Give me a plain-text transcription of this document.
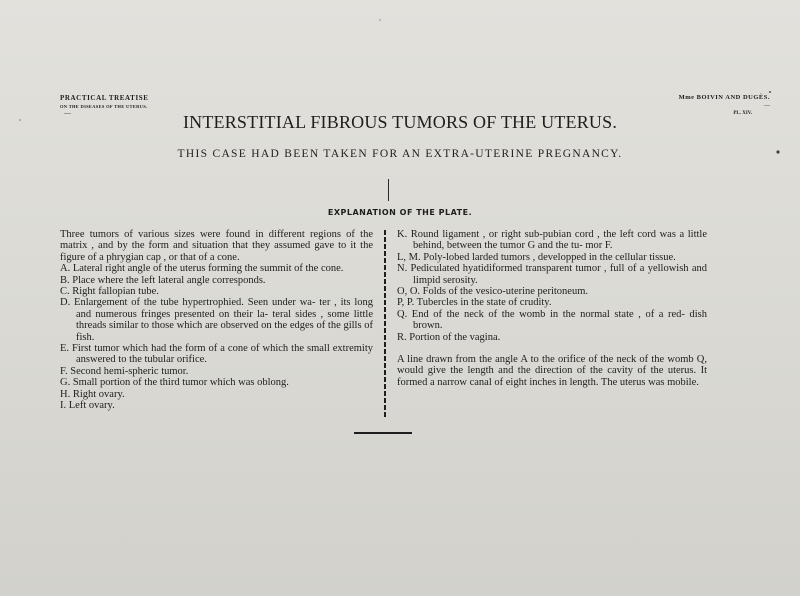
PRACTICAL TREATISE
ON THE DISEASES OF THE UTERUS.
—
Mme BOIVIN AND DUGÈS.
—
PL. XIV.
INTERSTITIAL FIBROUS TUMORS OF THE UTERUS.
THIS CASE HAD BEEN TAKEN FOR AN EXTRA-UTERINE PREGNANCY.
EXPLANATION OF THE PLATE.
Three tumors of various sizes were found in different regions of the matrix , and by the form and situation that they assumed gave to it the figure of a phrygian cap , or that of a cone.
A. Lateral right angle of the uterus forming the summit of the cone.
B. Place where the left lateral angle corresponds.
C. Right fallopian tube.
D. Enlargement of the tube hypertrophied. Seen under wa- ter , its long and numerous fringes presented on their la- teral sides , some little threads similar to those which are observed on the edges of the gills of fish.
E. First tumor which had the form of a cone of which the small extremity answered to the tubular orifice.
F. Second hemi-spheric tumor.
G. Small portion of the third tumor which was oblong.
H. Right ovary.
I. Left ovary.
K. Round ligament , or right sub-pubian cord , the left cord was a little behind, between the tumor G and the tu- mor F.
L, M. Poly-lobed larded tumors , developped in the cellular tissue.
N. Pediculated hyatidiformed transparent tumor , full of a yellowish and limpid serosity.
O, O. Folds of the vesico-uterine peritoneum.
P, P. Tubercles in the state of crudity.
Q. End of the neck of the womb in the normal state , of a red- dish brown.
R. Portion of the vagina.
A line drawn from the angle A to the orifice of the neck of the womb Q, would give the length and the direction of the cavity of the uterus. It formed a narrow canal of eight inches in length. The uterus was mobile.
